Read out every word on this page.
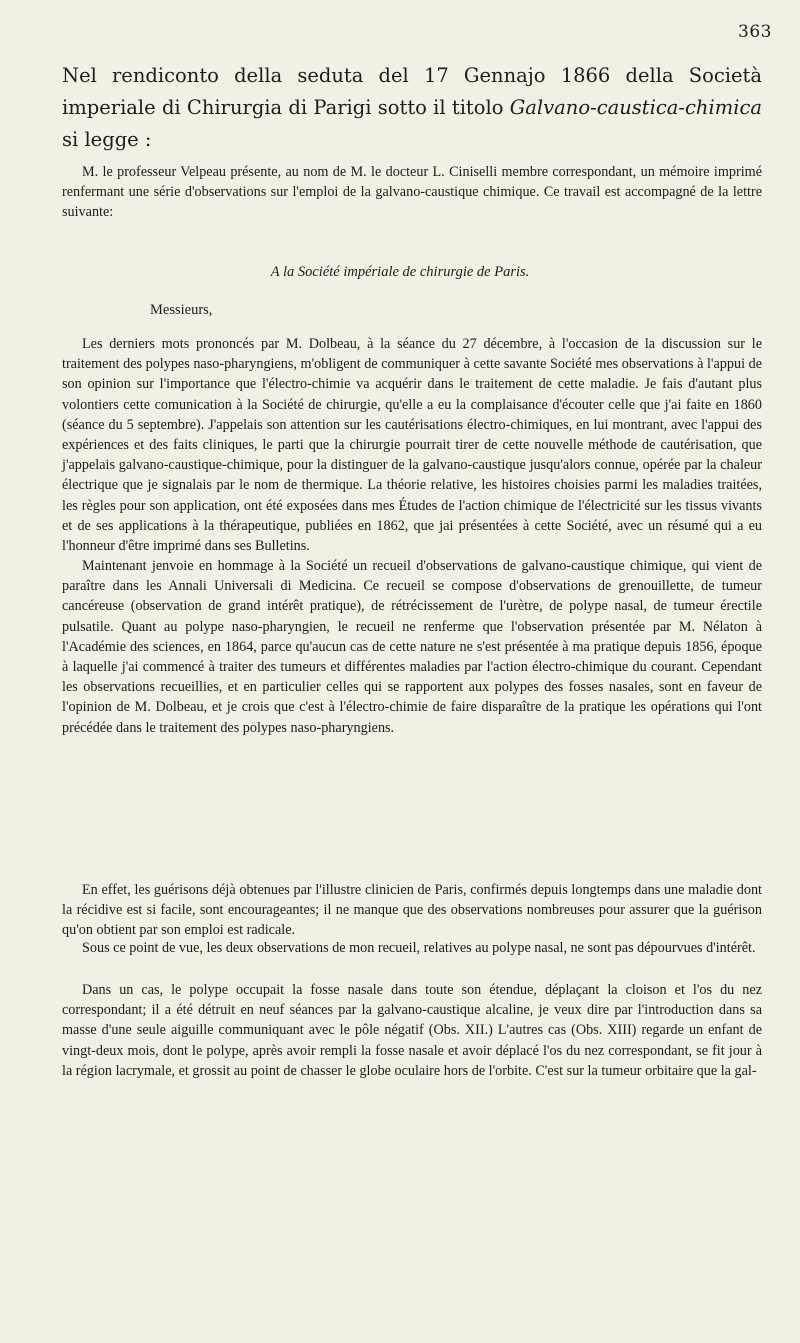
363

Nel rendiconto della seduta del 17 Gennajo 1866 della Società imperiale di Chirurgia di Parigi sotto il titolo Galvano-caustica-chimica si legge :

M. le professeur Velpeau présente, au nom de M. le docteur L. Ciniselli membre correspondant, un mémoire imprimé renfermant une série d'observations sur l'emploi de la galvano-caustique chimique. Ce travail est accompagné de la lettre suivante:

A la Société impériale de chirurgie de Paris.
Messieurs,

Les derniers mots prononcés par M. Dolbeau, à la séance du 27 décembre, à l'occasion de la discussion sur le traitement des polypes naso-pharyngiens, m'obligent de communiquer à cette savante Société mes observations à l'appui de son opinion sur l'importance que l'électro-chimie va acquérir dans le traitement de cette maladie. Je fais d'autant plus volontiers cette comunication à la Société de chirurgie, qu'elle a eu la complaisance d'écouter celle que j'ai faite en 1860 (séance du 5 septembre). J'appelais son attention sur les cautérisations électro-chimiques, en lui montrant, avec l'appui des expériences et des faits cliniques, le parti que la chirurgie pourrait tirer de cette nouvelle méthode de cautérisation, que j'appelais galvano-caustique-chimique, pour la distinguer de la galvano-caustique jusqu'alors connue, opérée par la chaleur électrique que je signalais par le nom de thermique. La théorie relative, les histoires choisies parmi les maladies traitées, les règles pour son application, ont été exposées dans mes Études de l'action chimique de l'électricité sur les tissus vivants et de ses applications à la thérapeutique, publiées en 1862, que jai présentées à cette Société, avec un résumé qui a eu l'honneur d'être imprimé dans ses Bulletins.

Maintenant jenvoie en hommage à la Société un recueil d'observations de galvano-caustique chimique, qui vient de paraître dans les Annali Universali di Medicina. Ce recueil se compose d'observations de grenouillette, de tumeur cancéreuse (observation de grand intérêt pratique), de rétrécissement de l'urètre, de polype nasal, de tumeur érectile pulsatile. Quant au polype naso-pharyngien, le recueil ne renferme que l'observation présentée par M. Nélaton à l'Académie des sciences, en 1864, parce qu'aucun cas de cette nature ne s'est présentée à ma pratique depuis 1856, époque à laquelle j'ai commencé à traiter des tumeurs et différentes maladies par l'action électro-chimique du courant. Cependant les observations recueillies, et en particulier celles qui se rapportent aux polypes des fosses nasales, sont en faveur de l'opinion de M. Dolbeau, et je crois que c'est à l'électro-chimie de faire disparaître de la pratique les opérations qui l'ont précédée dans le traitement des polypes naso-pharyngiens.

En effet, les guérisons déjà obtenues par l'illustre clinicien de Paris, confirmés depuis longtemps dans une maladie dont la récidive est si facile, sont encourageantes; il ne manque que des observations nombreuses pour assurer que la guérison qu'on obtient par son emploi est radicale.

Sous ce point de vue, les deux observations de mon recueil, relatives au polype nasal, ne sont pas dépourvues d'intérêt.

Dans un cas, le polype occupait la fosse nasale dans toute son étendue, déplaçant la cloison et l'os du nez correspondant; il a été détruit en neuf séances par la galvano-caustique alcaline, je veux dire par l'introduction dans sa masse d'une seule aiguille communiquant avec le pôle négatif (Obs. XII.) L'autres cas (Obs. XIII) regarde un enfant de vingt-deux mois, dont le polype, après avoir rempli la fosse nasale et avoir déplacé l'os du nez correspondant, se fit jour à la région lacrymale, et grossit au point de chasser le globe oculaire hors de l'orbite. C'est sur la tumeur orbitaire que la gal-
